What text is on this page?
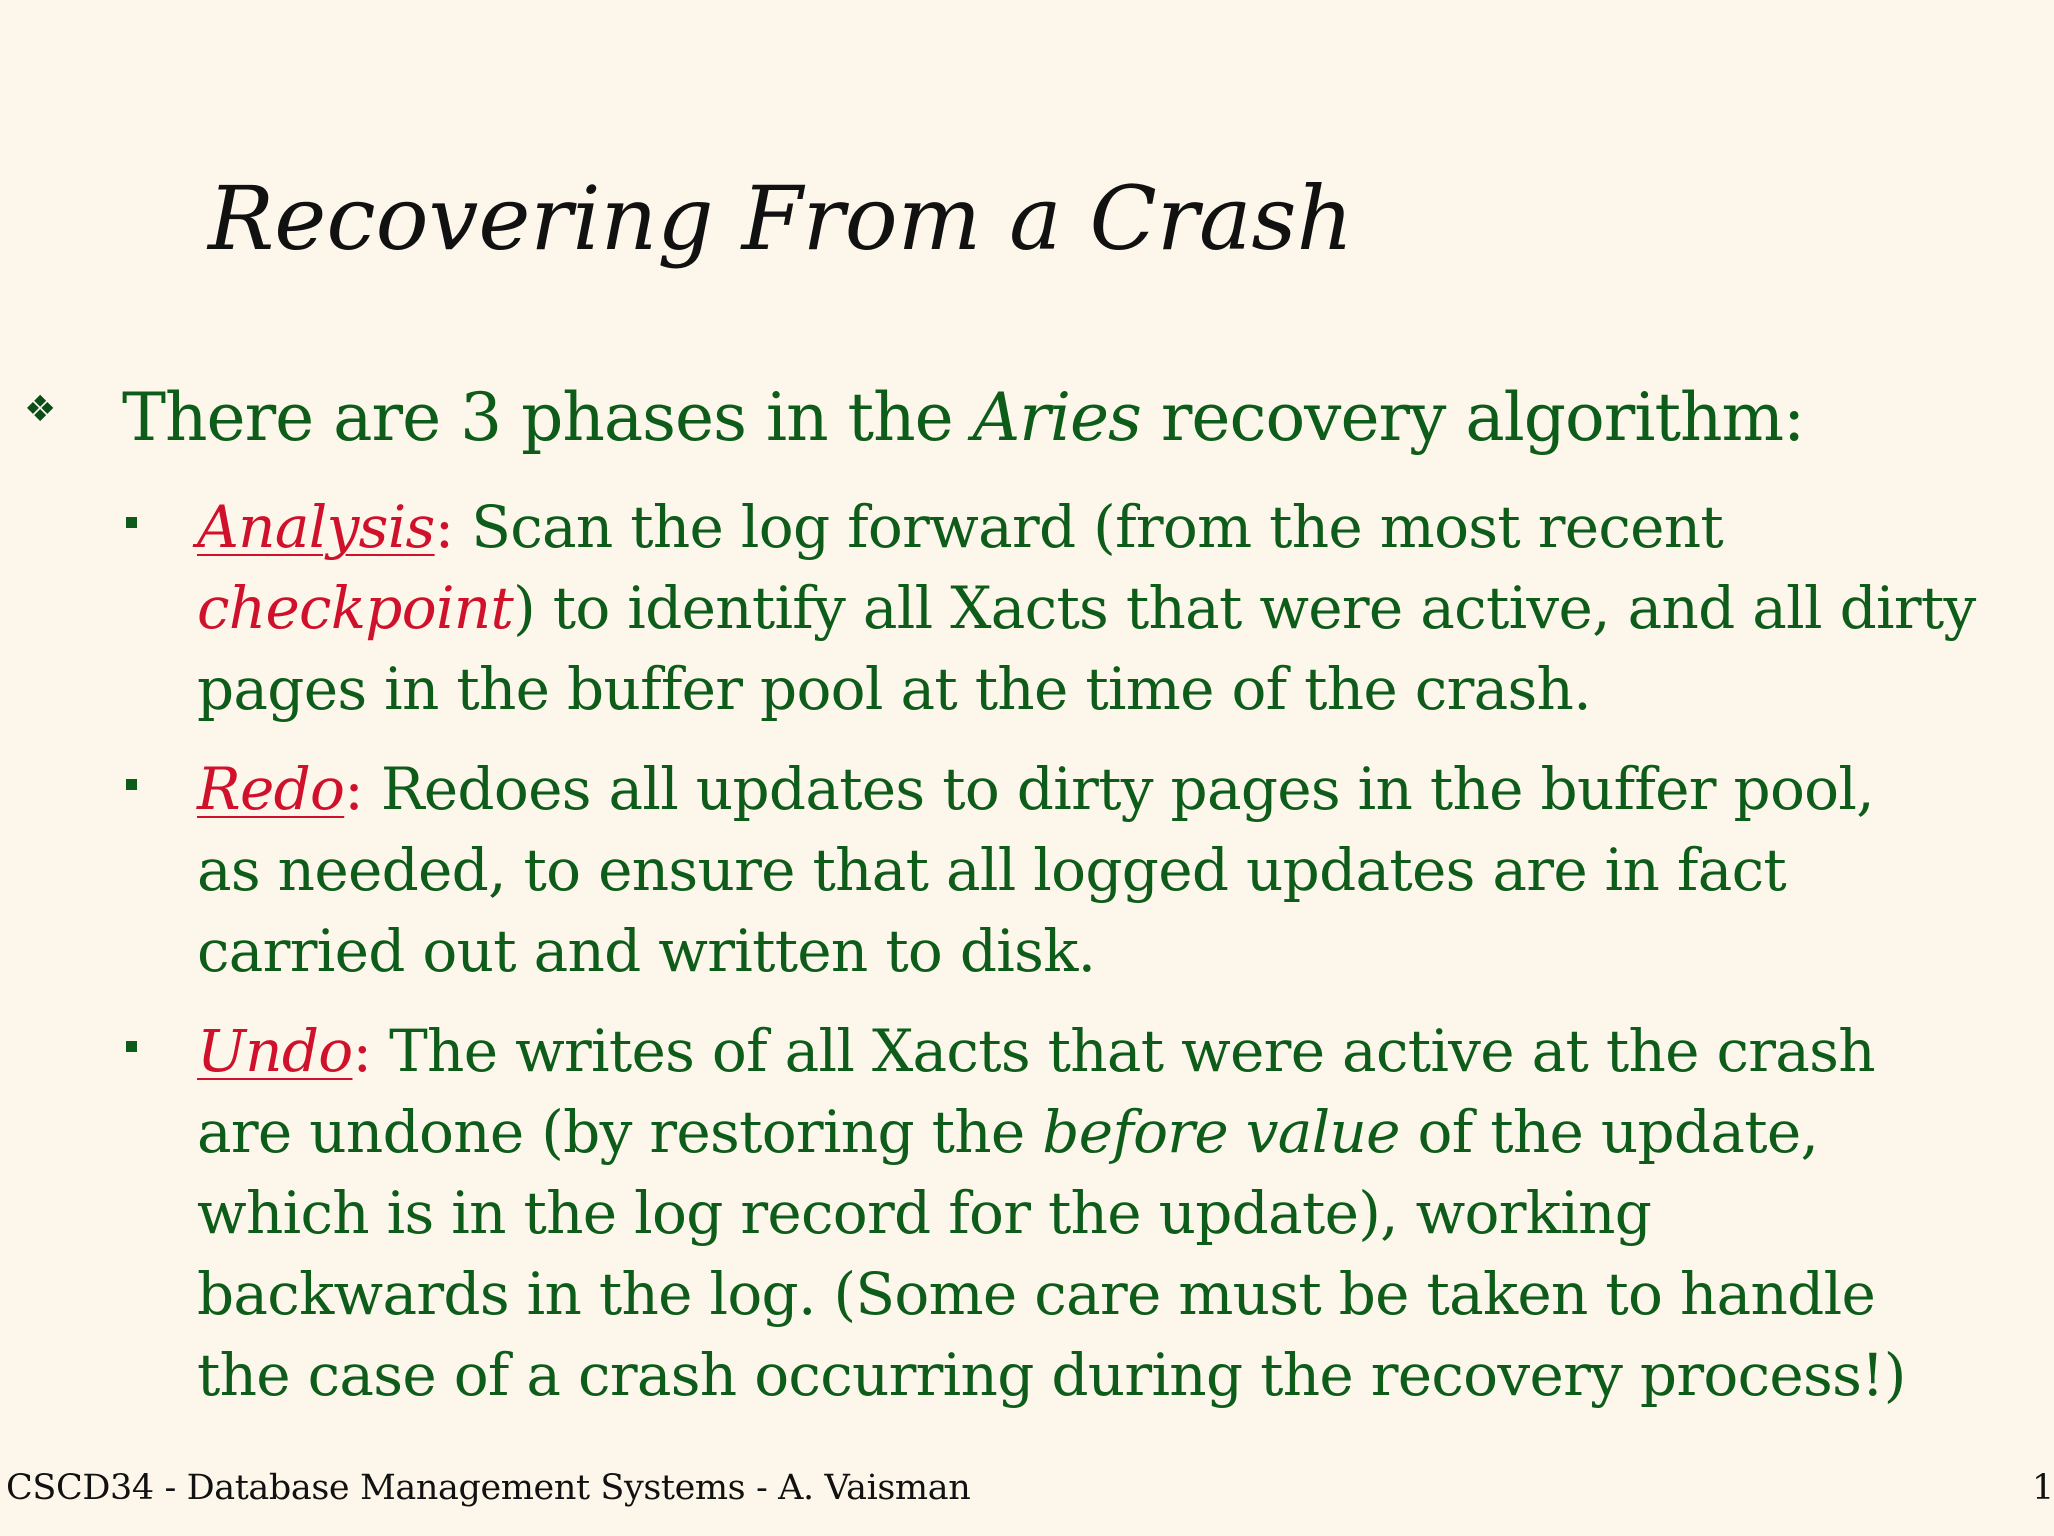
Recovering From a Crash
❖ There are 3 phases in the Aries recovery algorithm:
Analysis: Scan the log forward (from the most recent
checkpoint) to identify all Xacts that were active, and all dirty
pages in the buffer pool at the time of the crash.
Redo: Redoes all updates to dirty pages in the buffer pool,
as needed, to ensure that all logged updates are in fact
carried out and written to disk.
Undo: The writes of all Xacts that were active at the crash
are undone (by restoring the before value of the update,
which is in the log record for the update), working
backwards in the log. (Some care must be taken to handle
the case of a crash occurring during the recovery process!)
CSCD34 - Database Management Systems - A. Vaisman	1
